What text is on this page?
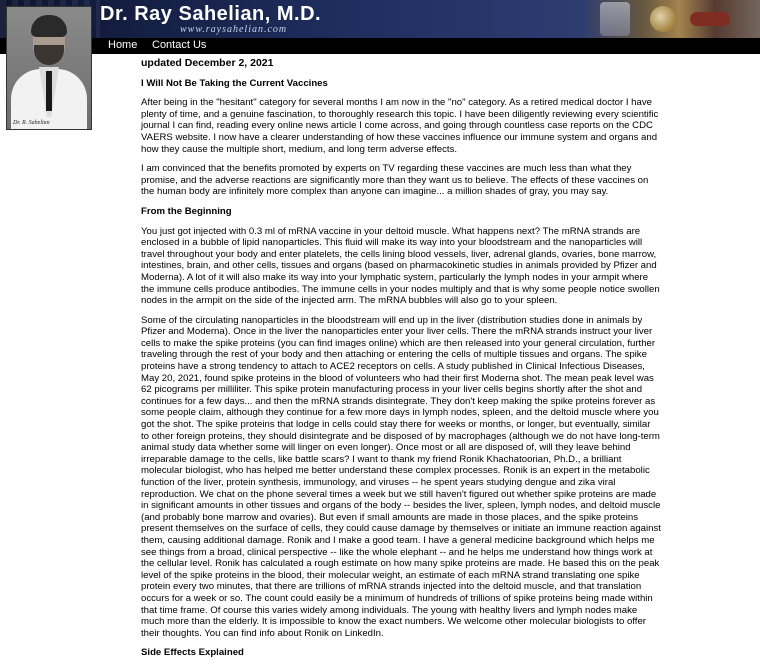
Dr. Ray Sahelian, M.D.
www.raysahelian.com
Home Contact Us
Dr. R. Sahelian

updated December 2, 2021

I Will Not Be Taking the Current Vaccines

After being in the "hesitant" category for several months I am now in the "no" category. As a retired medical doctor I have plenty of time, and a genuine fascination, to thoroughly research this topic. I have been diligently reviewing every scientific journal I can find, reading every online news article I come across, and going through countless case reports on the CDC VAERS website. I now have a clearer understanding of how these vaccines influence our immune system and organs and how they cause the multiple short, medium, and long term adverse effects.

I am convinced that the benefits promoted by experts on TV regarding these vaccines are much less than what they promise, and the adverse reactions are significantly more than they want us to believe. The effects of these vaccines on the human body are infinitely more complex than anyone can imagine... a million shades of gray, you may say.

From the Beginning

You just got injected with 0.3 ml of mRNA vaccine in your deltoid muscle. What happens next? The mRNA strands are enclosed in a bubble of lipid nanoparticles. This fluid will make its way into your bloodstream and the nanoparticles will travel throughout your body and enter platelets, the cells lining blood vessels, liver, adrenal glands, ovaries, bone marrow, intestines, brain, and other cells, tissues and organs (based on pharmacokinetic studies in animals provided by Pfizer and Moderna). A lot of it will also make its way into your lymphatic system, particularly the lymph nodes in your armpit where the immune cells produce antibodies. The immune cells in your nodes multiply and that is why some people notice swollen nodes in the armpit on the side of the injected arm. The mRNA bubbles will also go to your spleen.

Some of the circulating nanoparticles in the bloodstream will end up in the liver (distribution studies done in animals by Pfizer and Moderna). Once in the liver the nanoparticles enter your liver cells. There the mRNA strands instruct your liver cells to make the spike proteins (you can find images online) which are then released into your general circulation, further traveling through the rest of your body and then attaching or entering the cells of multiple tissues and organs. The spike proteins have a strong tendency to attach to ACE2 receptors on cells. A study published in Clinical Infectious Diseases, May 20, 2021, found spike proteins in the blood of volunteers who had their first Moderna shot. The mean peak level was 62 picograms per milliliter. This spike protein manufacturing process in your liver cells begins shortly after the shot and continues for a few days... and then the mRNA strands disintegrate. They don't keep making the spike proteins forever as some people claim, although they continue for a few more days in lymph nodes, spleen, and the deltoid muscle where you got the shot. The spike proteins that lodge in cells could stay there for weeks or months, or longer, but eventually, similar to other foreign proteins, they should disintegrate and be disposed of by macrophages (although we do not have long-term animal study data whether some will linger on even longer). Once most or all are disposed of, will they leave behind irreparable damage to the cells, like battle scars? I want to thank my friend Ronik Khachatoorian, Ph.D., a brilliant molecular biologist, who has helped me better understand these complex processes. Ronik is an expert in the metabolic function of the liver, protein synthesis, immunology, and viruses -- he spent years studying dengue and zika viral reproduction. We chat on the phone several times a week but we still haven't figured out whether spike proteins are made in significant amounts in other tissues and organs of the body -- besides the liver, spleen, lymph nodes, and deltoid muscle (and probably bone marrow and ovaries). But even if small amounts are made in those places, and the spike proteins present themselves on the surface of cells, they could cause damage by themselves or initiate an immune reaction against them, causing additional damage. Ronik and I make a good team. I have a general medicine background which helps me see things from a broad, clinical perspective -- like the whole elephant -- and he helps me understand how things work at the cellular level. Ronik has calculated a rough estimate on how many spike proteins are made. He based this on the peak level of the spike proteins in the blood, their molecular weight, an estimate of each mRNA strand translating one spike protein every two minutes, that there are trillions of mRNA strands injected into the deltoid muscle, and that translation occurs for a week or so. The count could easily be a minimum of hundreds of trillions of spike proteins being made within that time frame. Of course this varies widely among individuals. The young with healthy livers and lymph nodes make much more than the elderly. It is impossible to know the exact numbers. We welcome other molecular biologists to offer their thoughts. You can find info about Ronik on LinkedIn.

Side Effects Explained
